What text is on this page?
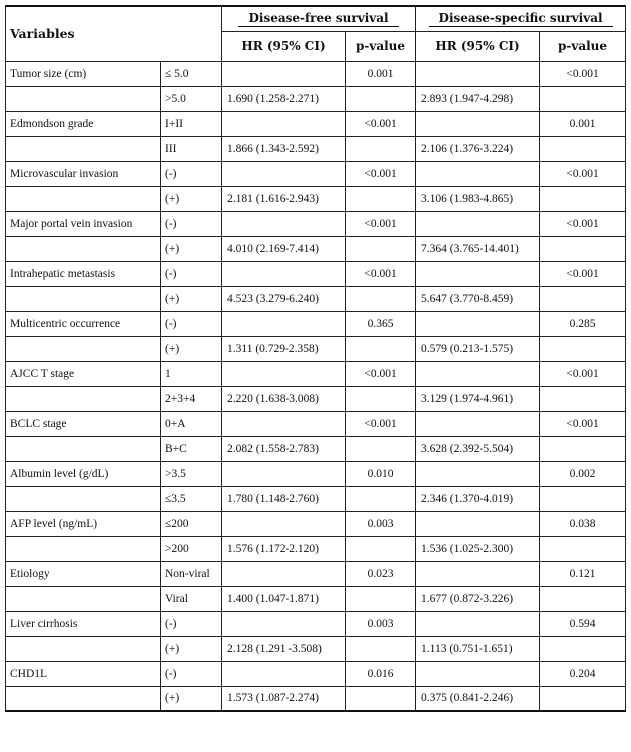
Variables		Disease-free survival		Disease-specific survival	
		HR (95% CI)	p-value	HR (95% CI)	p-value
Tumor size (cm)	≤ 5.0		0.001		<0.001
	>5.0	1.690 (1.258-2.271)		2.893 (1.947-4.298)	
Edmondson grade	I+II		<0.001		0.001
	III	1.866 (1.343-2.592)		2.106 (1.376-3.224)	
Microvascular invasion	(-)		<0.001		<0.001
	(+)	2.181 (1.616-2.943)		3.106 (1.983-4.865)	
Major portal vein invasion	(-)		<0.001		<0.001
	(+)	4.010 (2.169-7.414)		7.364 (3.765-14.401)	
Intrahepatic metastasis	(-)		<0.001		<0.001
	(+)	4.523 (3.279-6.240)		5.647 (3.770-8.459)	
Multicentric occurrence	(-)		0.365		0.285
	(+)	1.311 (0.729-2.358)		0.579 (0.213-1.575)	
AJCC T stage	1		<0.001		<0.001
	2+3+4	2.220 (1.638-3.008)		3.129 (1.974-4.961)	
BCLC stage	0+A		<0.001		<0.001
	B+C	2.082 (1.558-2.783)		3.628 (2.392-5.504)	
Albumin level (g/dL)	>3.5		0.010		0.002
	≤3.5	1.780 (1.148-2.760)		2.346 (1.370-4.019)	
AFP level (ng/mL)	≤200		0.003		0.038
	>200	1.576 (1.172-2.120)		1.536 (1.025-2.300)	
Etiology	Non-viral		0.023		0.121
	Viral	1.400 (1.047-1.871)		1.677 (0.872-3.226)	
Liver cirrhosis	(-)		0.003		0.594
	(+)	2.128 (1.291 -3.508)		1.113 (0.751-1.651)	
CHD1L	(-)		0.016		0.204
	(+)	1.573 (1.087-2.274)		0.375 (0.841-2.246)	
